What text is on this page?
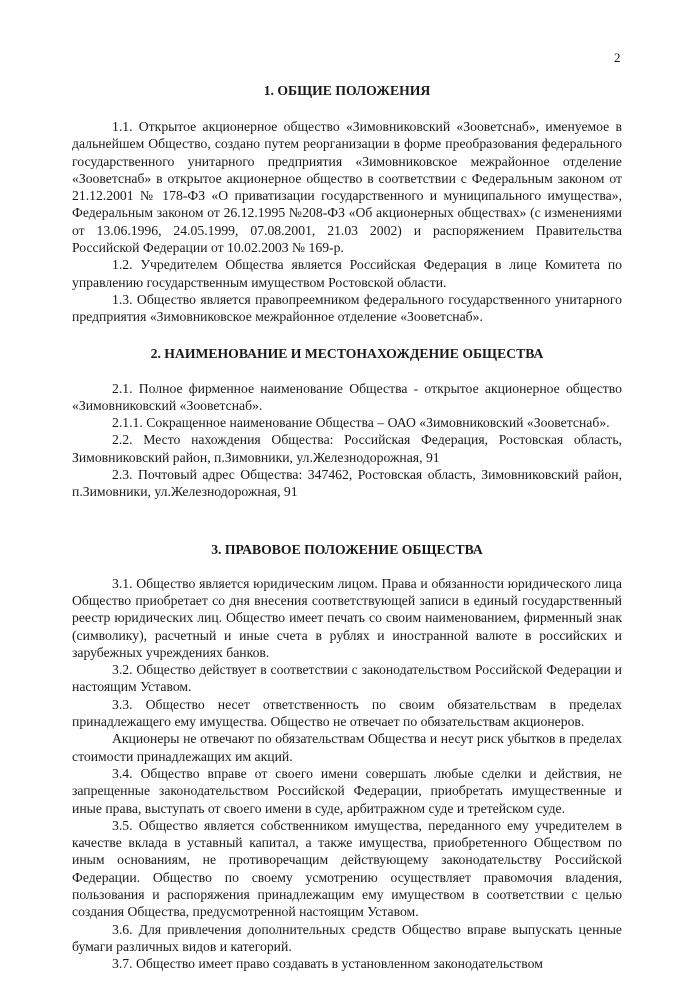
2
1. ОБЩИЕ ПОЛОЖЕНИЯ

1.1. Открытое акционерное общество «Зимовниковский «Зооветснаб», именуемое в дальнейшем Общество, создано путем реорганизации в форме преобразования федерального государственного унитарного предприятия «Зимовниковское межрайонное отделение «Зооветснаб» в открытое акционерное общество в соответствии с Федеральным законом от 21.12.2001 № 178-ФЗ «О приватизации государственного и муниципального имущества», Федеральным законом от 26.12.1995 №208-ФЗ «Об акционерных обществах» (с изменениями от 13.06.1996, 24.05.1999, 07.08.2001, 21.03 2002) и распоряжением Правительства Российской Федерации от 10.02.2003 № 169-р.

1.2. Учредителем Общества является Российская Федерация в лице Комитета по управлению государственным имуществом Ростовской области.

1.3. Общество является правопреемником федерального государственного унитарного предприятия «Зимовниковское межрайонное отделение «Зооветснаб».

2. НАИМЕНОВАНИЕ И МЕСТОНАХОЖДЕНИЕ ОБЩЕСТВА

2.1. Полное фирменное наименование Общества - открытое акционерное общество «Зимовниковский «Зооветснаб».

2.1.1. Сокращенное наименование Общества – ОАО «Зимовниковский «Зооветснаб».

2.2. Место нахождения Общества: Российская Федерация, Ростовская область, Зимовниковский район, п.Зимовники, ул.Железнодорожная, 91

2.3. Почтовый адрес Общества: 347462, Ростовская область, Зимовниковский район, п.Зимовники, ул.Железнодорожная, 91

3. ПРАВОВОЕ ПОЛОЖЕНИЕ ОБЩЕСТВА

3.1. Общество является юридическим лицом. Права и обязанности юридического лица Общество приобретает со дня внесения соответствующей записи в единый государственный реестр юридических лиц. Общество имеет печать со своим наименованием, фирменный знак (символику), расчетный и иные счета в рублях и иностранной валюте в российских и зарубежных учреждениях банков.

3.2. Общество действует в соответствии с законодательством Российской Федерации и настоящим Уставом.

3.3. Общество несет ответственность по своим обязательствам в пределах принадлежащего ему имущества. Общество не отвечает по обязательствам акционеров.

Акционеры не отвечают по обязательствам Общества и несут риск убытков в пределах стоимости принадлежащих им акций.

3.4. Общество вправе от своего имени совершать любые сделки и действия, не запрещенные законодательством Российской Федерации, приобретать имущественные и иные права, выступать от своего имени в суде, арбитражном суде и третейском суде.

3.5. Общество является собственником имущества, переданного ему учредителем в качестве вклада в уставный капитал, а также имущества, приобретенного Обществом по иным основаниям, не противоречащим действующему законодательству Российской Федерации. Общество по своему усмотрению осуществляет правомочия владения, пользования и распоряжения принадлежащим ему имуществом в соответствии с целью создания Общества, предусмотренной настоящим Уставом.

3.6. Для привлечения дополнительных средств Общество вправе выпускать ценные бумаги различных видов и категорий.

3.7. Общество имеет право создавать в установленном законодательством
